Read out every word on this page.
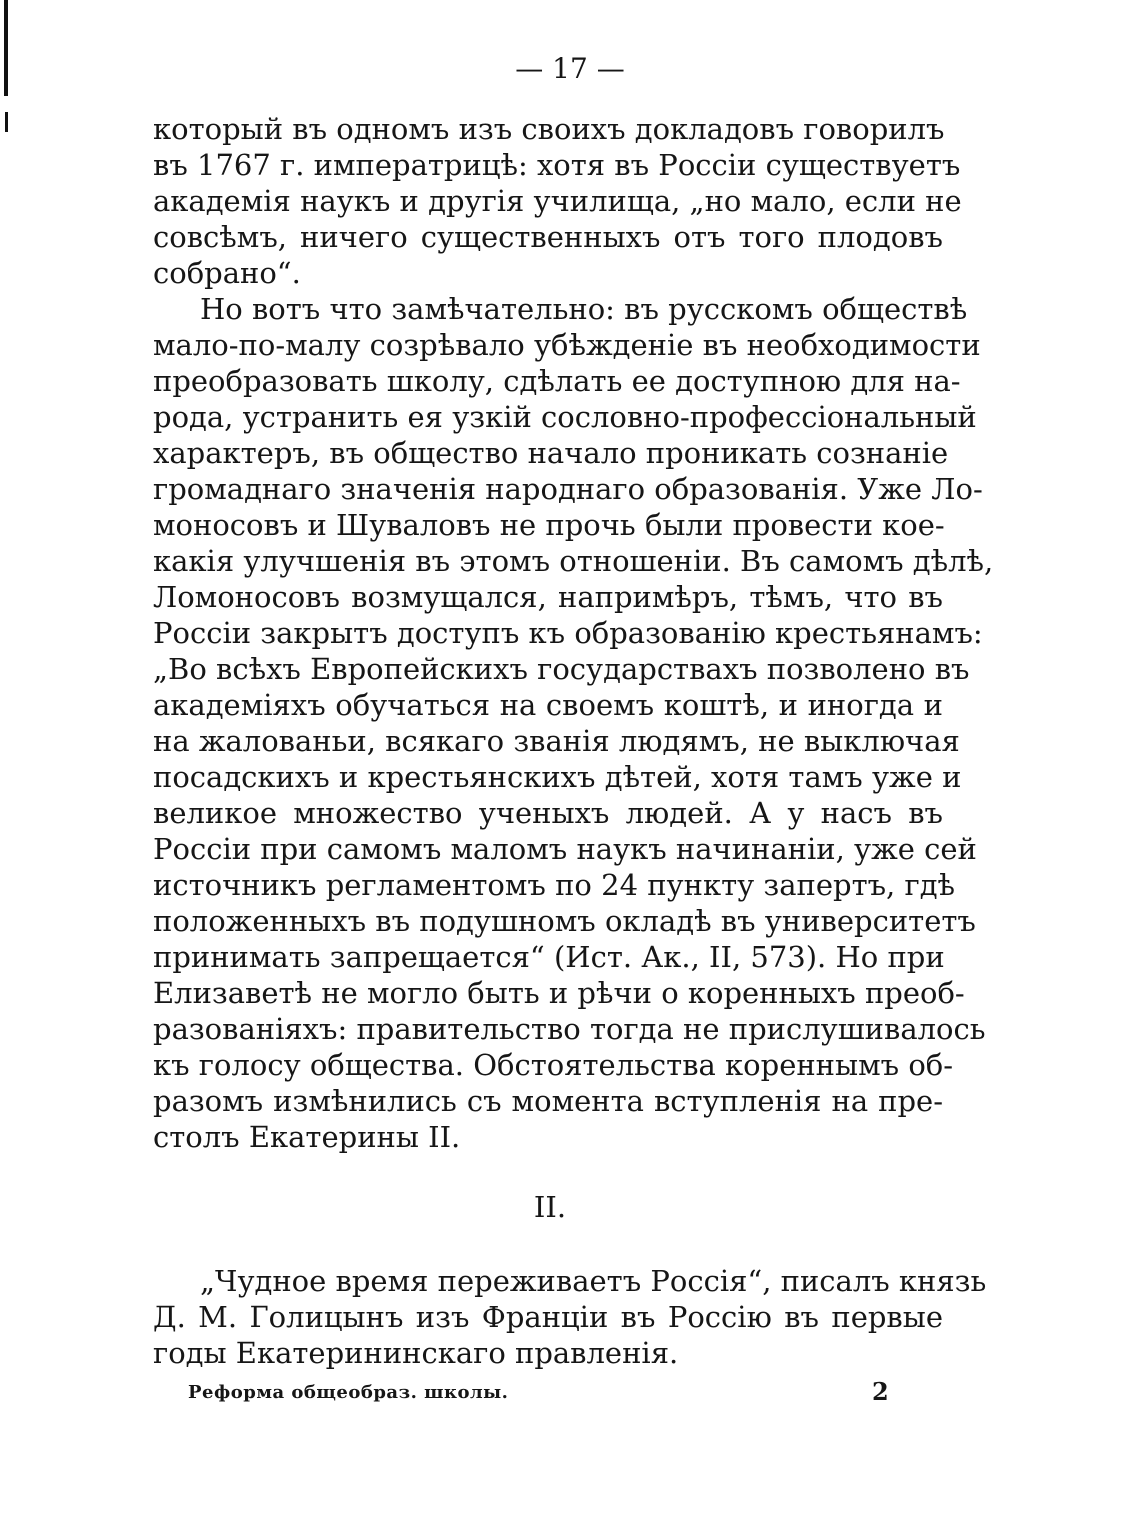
— 17 —
который въ одномъ изъ своихъ докладовъ говорилъ
въ 1767 г. императрицѣ: хотя въ Россіи существуетъ
академія наукъ и другія училища, „но мало, если не
совсѣмъ, ничего существенныхъ отъ того плодовъ
собрано“.
Но вотъ что замѣчательно: въ русскомъ обществѣ
мало-по-малу созрѣвало убѣжденіе въ необходимости
преобразовать школу, сдѣлать ее доступною для на-
рода, устранить ея узкій сословно-профессіональный
характеръ, въ общество начало проникать сознаніе
громаднаго значенія народнаго образованія. Уже Ло-
моносовъ и Шуваловъ не прочь были провести кое-
какія улучшенія въ этомъ отношеніи. Въ самомъ дѣлѣ,
Ломоносовъ возмущался, напримѣръ, тѣмъ, что въ
Россіи закрытъ доступъ къ образованію крестьянамъ:
„Во всѣхъ Европейскихъ государствахъ позволено въ
академіяхъ обучаться на своемъ коштѣ, и иногда и
на жалованьи, всякаго званія людямъ, не выключая
посадскихъ и крестьянскихъ дѣтей, хотя тамъ уже и
великое множество ученыхъ людей. А у насъ въ
Россіи при самомъ маломъ наукъ начинаніи, уже сей
источникъ регламентомъ по 24 пункту запертъ, гдѣ
положенныхъ въ подушномъ окладѣ въ университетъ
принимать запрещается“ (Ист. Ак., II, 573). Но при
Елизаветѣ не могло быть и рѣчи о коренныхъ преоб-
разованіяхъ: правительство тогда не прислушивалось
къ голосу общества. Обстоятельства кореннымъ об-
разомъ измѣнились съ момента вступленія на пре-
столъ Екатерины II.
II.
„Чудное время переживаетъ Россія“, писалъ князь
Д. М. Голицынъ изъ Франціи въ Россію въ первые
годы Екатерининскаго правленія.
Реформа общеобраз. школы.	2
